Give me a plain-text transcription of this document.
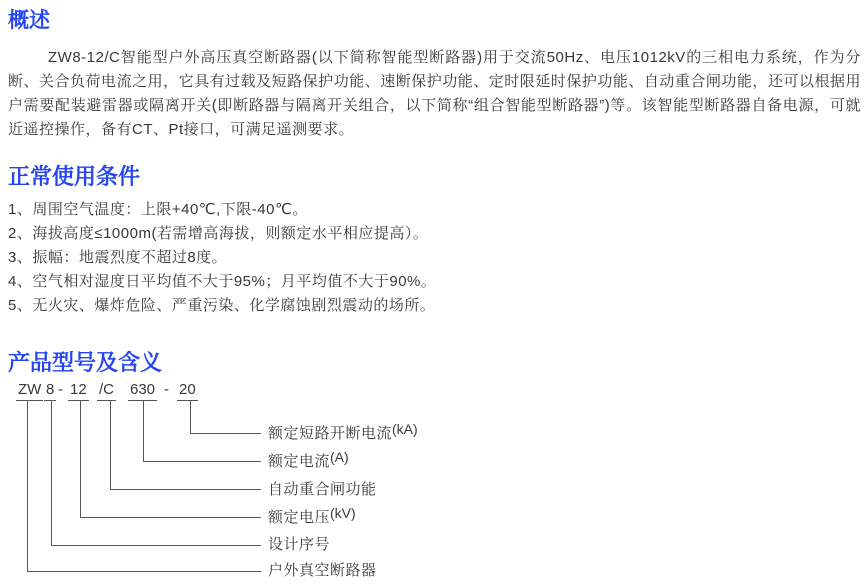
概述

ZW8-12/C智能型户外高压真空断路器(以下简称智能型断路器)用于交流50Hz、电压1012kV的三相电力系统，作为分断、关合负荷电流之用，它具有过载及短路保护功能、速断保护功能、定时限延时保护功能、自动重合闸功能，还可以根据用户需要配装避雷器或隔离开关(即断路器与隔离开关组合，以下简称“组合智能型断路器”)等。该智能型断路器自备电源，可就近遥控操作，备有CT、Pt接口，可满足遥测要求。

正常使用条件
1、周围空气温度：上限+40℃,下限-40℃。
2、海拔高度≤1000m(若需增高海拔，则额定水平相应提高）。
3、振幅：地震烈度不超过8度。
4、空气相对湿度日平均值不大于95%；月平均值不大于90%。
5、无火灾、爆炸危险、严重污染、化学腐蚀剧烈震动的场所。
产品型号及含义
ZW 8 - 12 /C 630 - 20
额定短路开断电流(kA)
额定电流(A)
自动重合闸功能
额定电压(kV)
设计序号
户外真空断路器
